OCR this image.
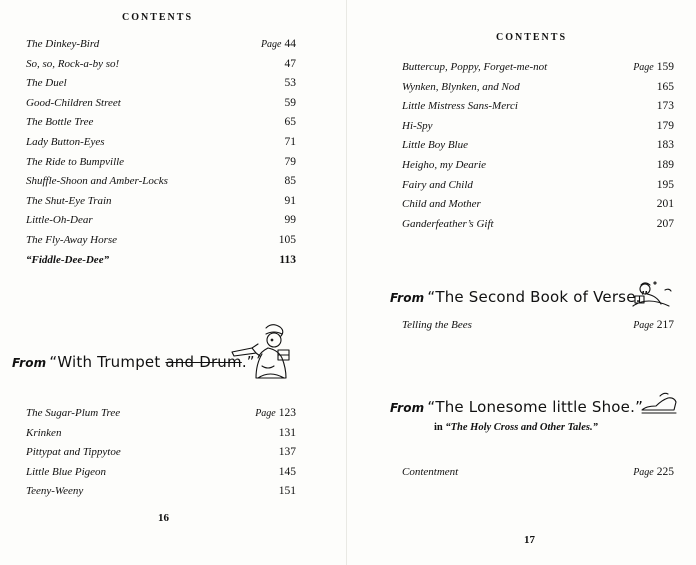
CONTENTS
The Dinkey-Bird	Page 44
So, so, Rock-a-by so!	47
The Duel	53
Good-Children Street	59
The Bottle Tree	65
Lady Button-Eyes	71
The Ride to Bumpville	79
Shuffle-Shoon and Amber-Locks	85
The Shut-Eye Train	91
Little-Oh-Dear	99
The Fly-Away Horse	105
“Fiddle-Dee-Dee”	113
From “With Trumpet and Drum.”
The Sugar-Plum Tree	Page 123
Krinken	131
Pittypat and Tippytoe	137
Little Blue Pigeon	145
Teeny-Weeny	151
16
CONTENTS
Buttercup, Poppy, Forget-me-not	Page 159
Wynken, Blynken, and Nod	165
Little Mistress Sans-Merci	173
Hi-Spy	179
Little Boy Blue	183
Heigho, my Dearie	189
Fairy and Child	195
Child and Mother	201
Ganderfeather’s Gift	207
From “The Second Book of Verse.”
Telling the Bees	Page 217
From “The Lonesome little Shoe.”
in “The Holy Cross and Other Tales.”
Contentment	Page 225
17
